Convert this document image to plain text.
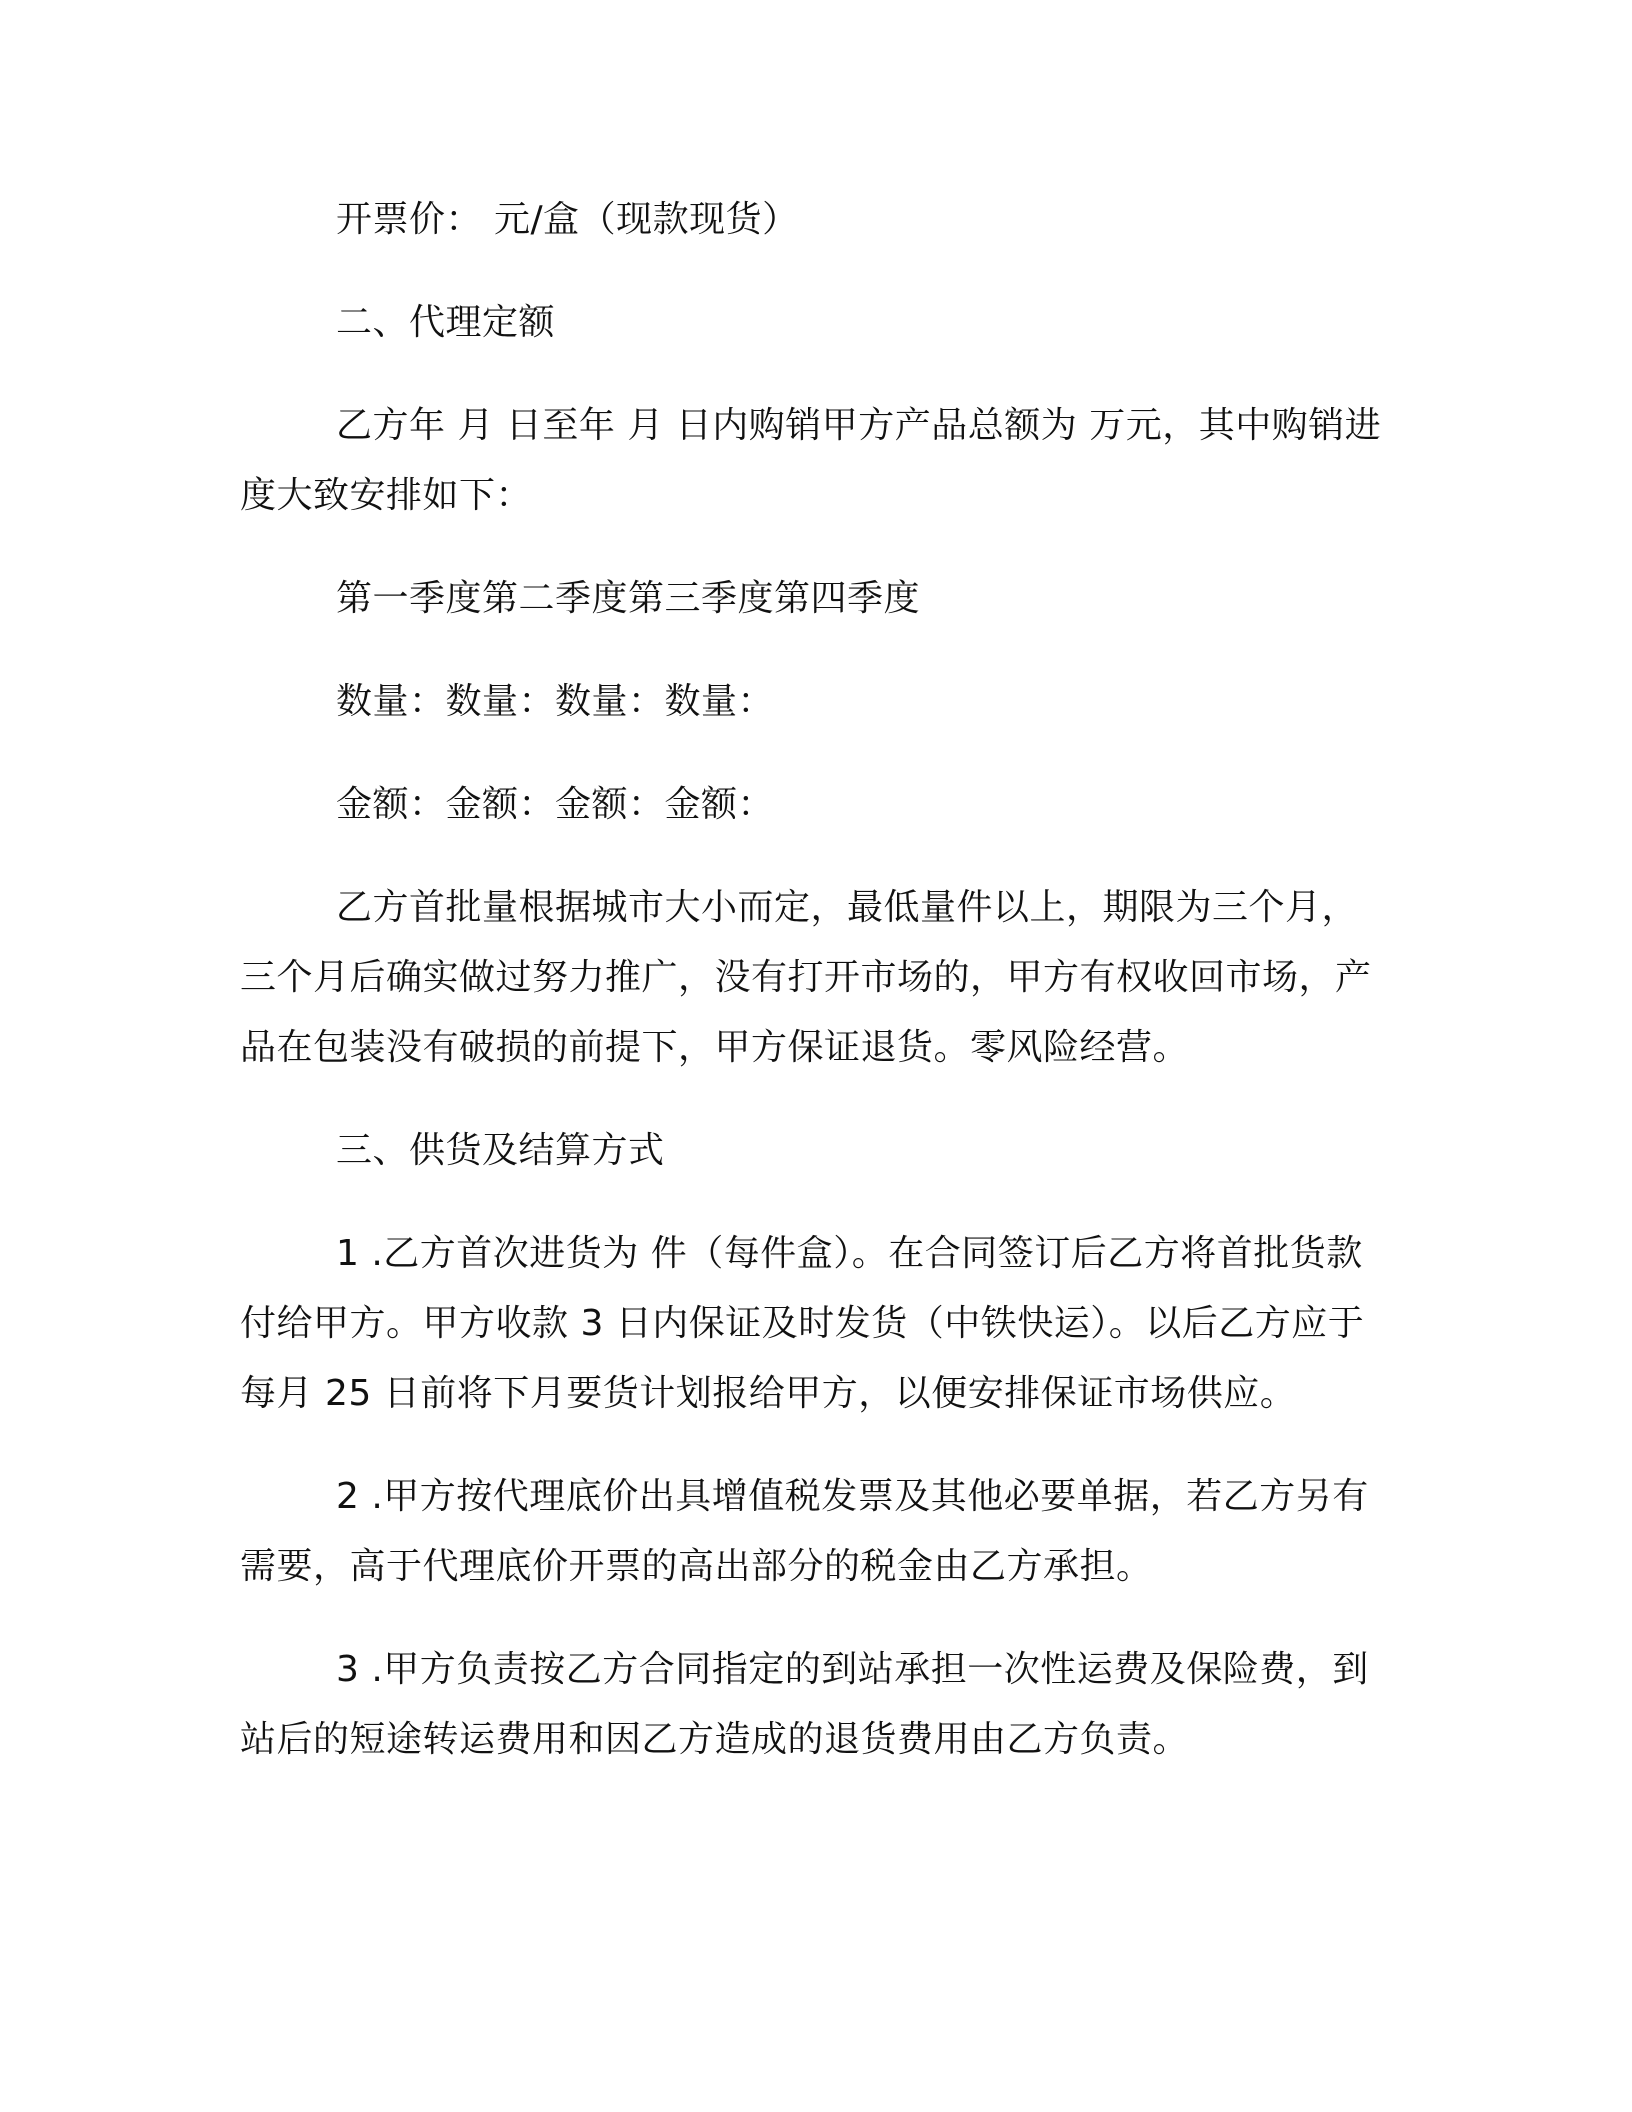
开票价： 元/盒（现款现货）

二、代理定额

乙方年 月 日至年 月 日内购销甲方产品总额为 万元，其中购销进度大致安排如下：

第一季度第二季度第三季度第四季度

数量：数量：数量：数量：

金额：金额：金额：金额：

乙方首批量根据城市大小而定，最低量件以上，期限为三个月，三个月后确实做过努力推广，没有打开市场的，甲方有权收回市场，产品在包装没有破损的前提下，甲方保证退货。零风险经营。

三、供货及结算方式

1 .乙方首次进货为 件（每件盒）。在合同签订后乙方将首批货款付给甲方。甲方收款 3 日内保证及时发货（中铁快运）。以后乙方应于每月 25 日前将下月要货计划报给甲方，以便安排保证市场供应。

2 .甲方按代理底价出具增值税发票及其他必要单据，若乙方另有需要，高于代理底价开票的高出部分的税金由乙方承担。

3 .甲方负责按乙方合同指定的到站承担一次性运费及保险费，到站后的短途转运费用和因乙方造成的退货费用由乙方负责。
